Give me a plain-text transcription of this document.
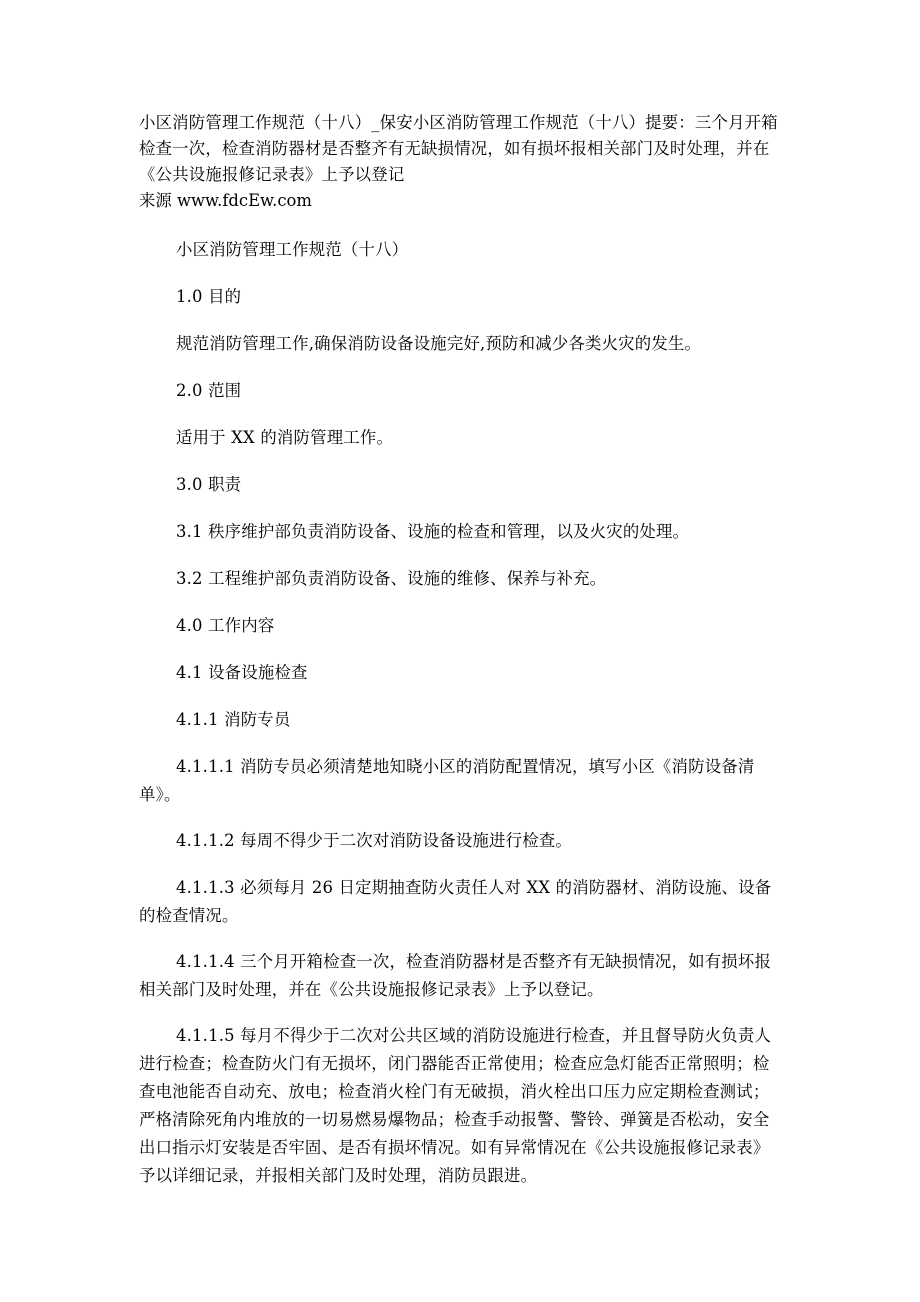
小区消防管理工作规范（十八）_保安小区消防管理工作规范（十八）提要：三个月开箱检查一次，检查消防器材是否整齐有无缺损情况，如有损坏报相关部门及时处理，并在《公共设施报修记录表》上予以登记

来源 www.fdcEw.com

小区消防管理工作规范（十八）

1.0 目的

规范消防管理工作,确保消防设备设施完好,预防和减少各类火灾的发生。

2.0 范围

适用于 XX 的消防管理工作。

3.0 职责

3.1 秩序维护部负责消防设备、设施的检查和管理，以及火灾的处理。

3.2 工程维护部负责消防设备、设施的维修、保养与补充。

4.0 工作内容

4.1 设备设施检查

4.1.1 消防专员

4.1.1.1 消防专员必须清楚地知晓小区的消防配置情况，填写小区《消防设备清单》。

4.1.1.2 每周不得少于二次对消防设备设施进行检查。

4.1.1.3 必须每月 26 日定期抽查防火责任人对 XX 的消防器材、消防设施、设备的检查情况。

4.1.1.4 三个月开箱检查一次，检查消防器材是否整齐有无缺损情况，如有损坏报相关部门及时处理，并在《公共设施报修记录表》上予以登记。

4.1.1.5 每月不得少于二次对公共区域的消防设施进行检查，并且督导防火负责人进行检查；检查防火门有无损坏，闭门器能否正常使用；检查应急灯能否正常照明；检查电池能否自动充、放电；检查消火栓门有无破损，消火栓出口压力应定期检查测试；严格清除死角内堆放的一切易燃易爆物品；检查手动报警、警铃、弹簧是否松动，安全出口指示灯安装是否牢固、是否有损坏情况。如有异常情况在《公共设施报修记录表》予以详细记录，并报相关部门及时处理，消防员跟进。
